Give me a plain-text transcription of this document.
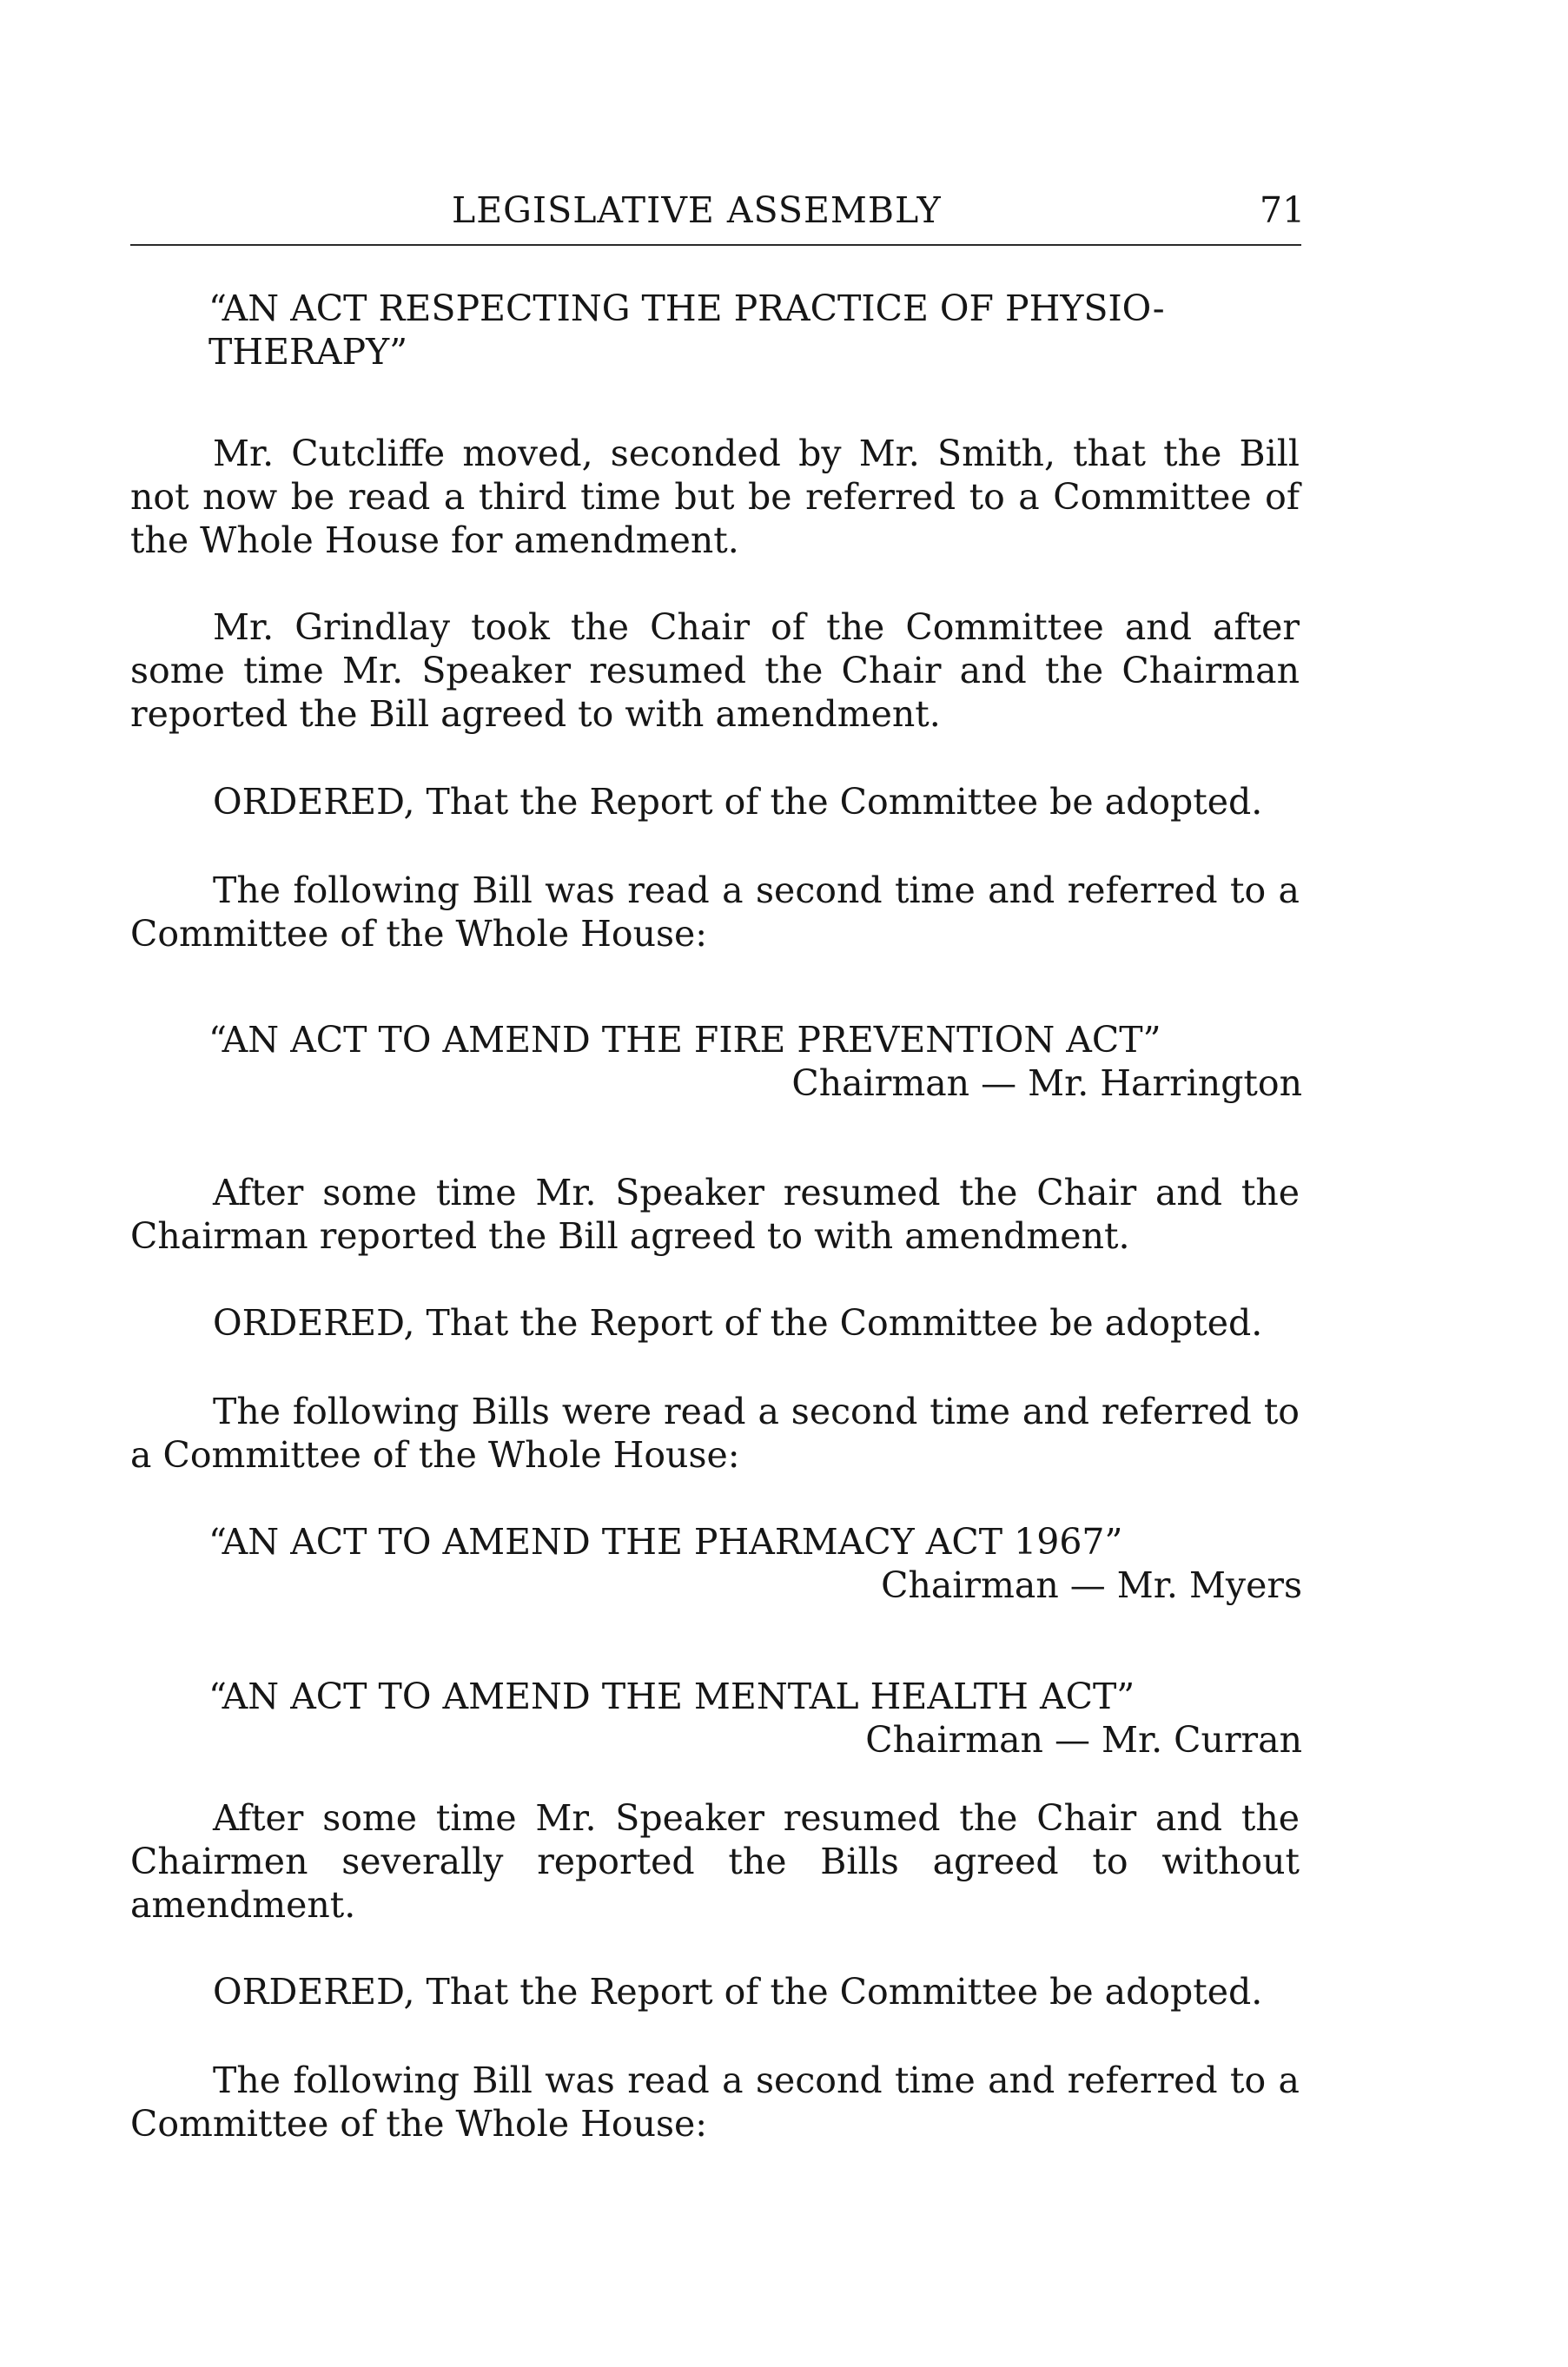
LEGISLATIVE ASSEMBLY	71
“AN ACT RESPECTING THE PRACTICE OF PHYSIO-
THERAPY”

Mr. Cutcliffe moved, seconded by Mr. Smith, that the Bill not now be read a third time but be referred to a Committee of the Whole House for amendment.

Mr. Grindlay took the Chair of the Committee and after some time Mr. Speaker resumed the Chair and the Chairman reported the Bill agreed to with amendment.

ORDERED, That the Report of the Committee be adopted.

The following Bill was read a second time and referred to a Committee of the Whole House:

“AN ACT TO AMEND THE FIRE PREVENTION ACT”
Chairman — Mr. Harrington

After some time Mr. Speaker resumed the Chair and the Chairman reported the Bill agreed to with amendment.

ORDERED, That the Report of the Committee be adopted.

The following Bills were read a second time and referred to a Committee of the Whole House:

“AN ACT TO AMEND THE PHARMACY ACT 1967”
Chairman — Mr. Myers
“AN ACT TO AMEND THE MENTAL HEALTH ACT”
Chairman — Mr. Curran

After some time Mr. Speaker resumed the Chair and the Chairmen severally reported the Bills agreed to without amendment.

ORDERED, That the Report of the Committee be adopted.

The following Bill was read a second time and referred to a Committee of the Whole House:
